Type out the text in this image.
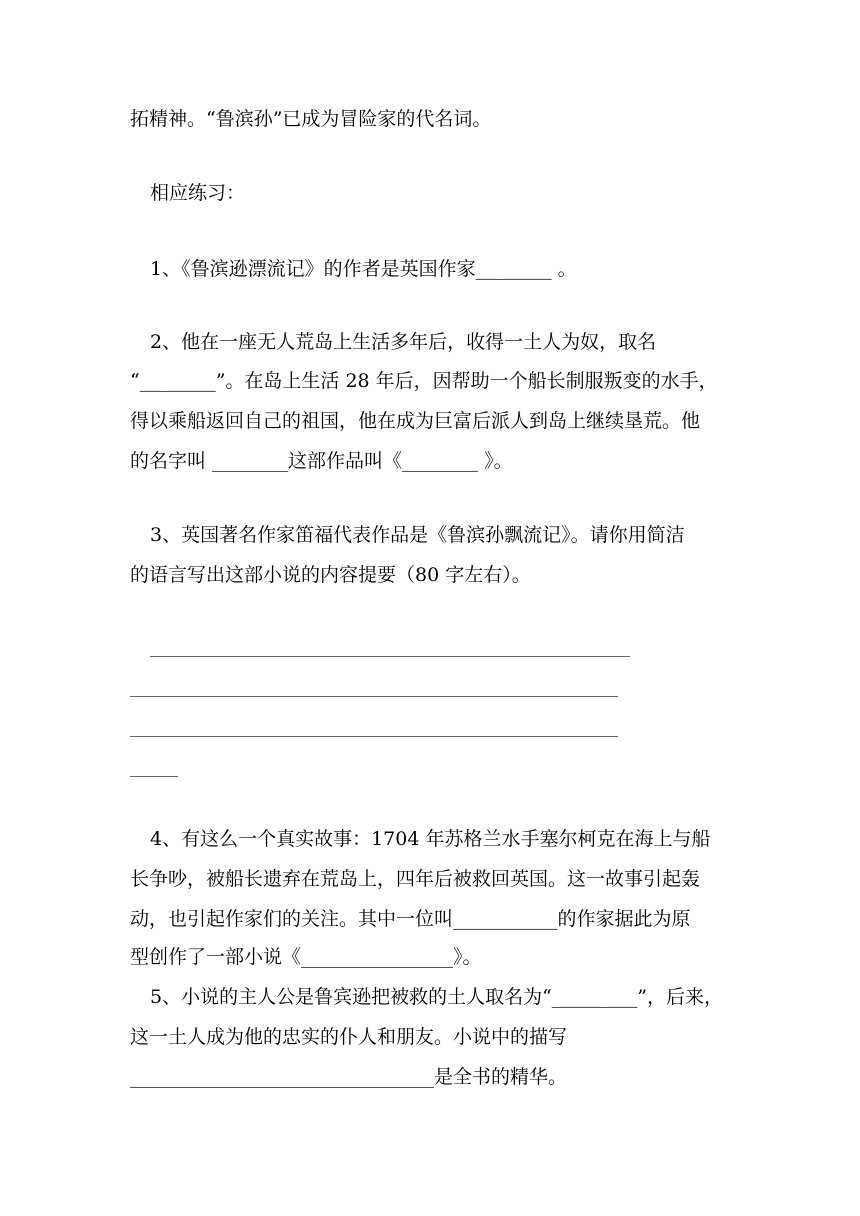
拓精神。“鲁滨孙”已成为冒险家的代名词。
相应练习：
1、《鲁滨逊漂流记》的作者是英国作家________ 。
2、他在一座无人荒岛上生活多年后，收得一土人为奴，取名
“________”。在岛上生活 28 年后，因帮助一个船长制服叛变的水手，
得以乘船返回自己的祖国，他在成为巨富后派人到岛上继续垦荒。他
的名字叫 ________这部作品叫《________ 》。
3、英国著名作家笛福代表作品是《鲁滨孙飘流记》。请你用简洁
的语言写出这部小说的内容提要（80 字左右）。
____________________________________________________________
_____________________________________________________________
_____________________________________________________________
______
4、有这么一个真实故事：1704 年苏格兰水手塞尔柯克在海上与船
长争吵，被船长遗弃在荒岛上，四年后被救回英国。这一故事引起轰
动，也引起作家们的关注。其中一位叫___________的作家据此为原
型创作了一部小说《________________》。
5、小说的主人公是鲁宾逊把被救的土人取名为“_________”，后来，
这一土人成为他的忠实的仆人和朋友。小说中的描写
________________________________是全书的精华。
